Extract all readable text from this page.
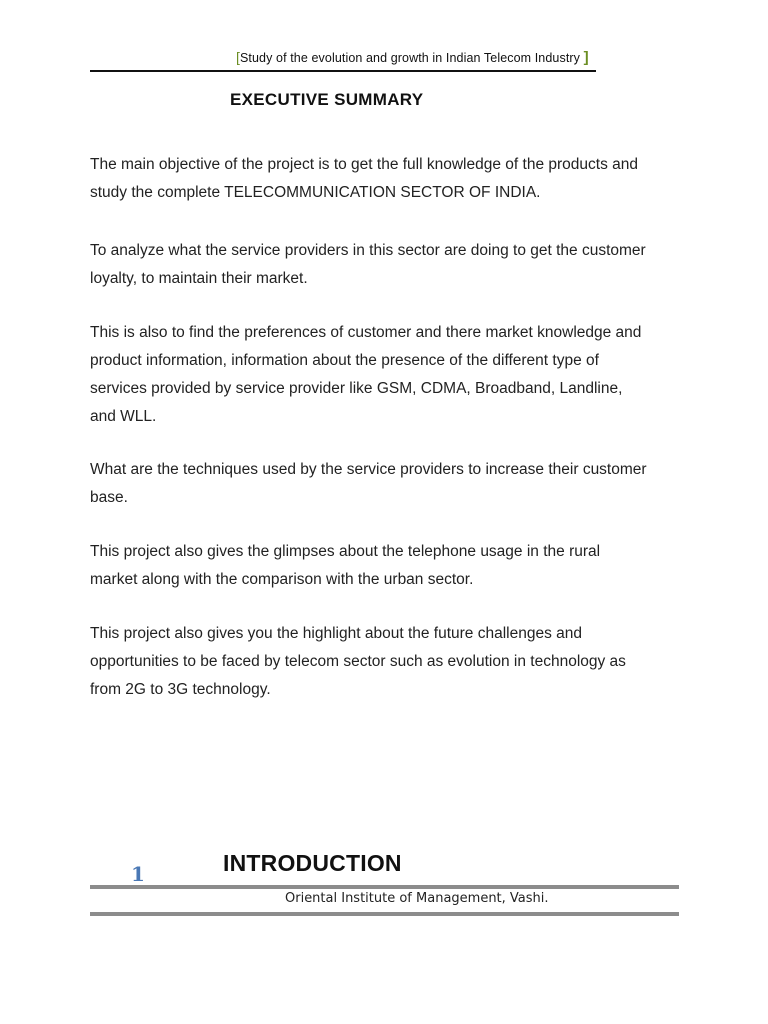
[Study of the evolution and growth in Indian Telecom Industry ]
EXECUTIVE SUMMARY
The main objective of the project is to get the full knowledge of the products and
study the complete TELECOMMUNICATION SECTOR OF INDIA.
To analyze what the service providers in this sector are doing to get the customer
loyalty, to maintain their market.
This is also to find the preferences of customer and there market knowledge and
product information, information about the presence of the different type of
services provided by service provider like GSM, CDMA, Broadband, Landline,
and WLL.
What are the techniques used by the service providers to increase their customer
base.
This project also gives the glimpses about the telephone usage in the rural
market along with the comparison with the urban sector.
This project also gives you the highlight about the future challenges and
opportunities to be faced by telecom sector such as evolution in technology as
from 2G to 3G technology.
INTRODUCTION
1
Oriental Institute of Management, Vashi.
